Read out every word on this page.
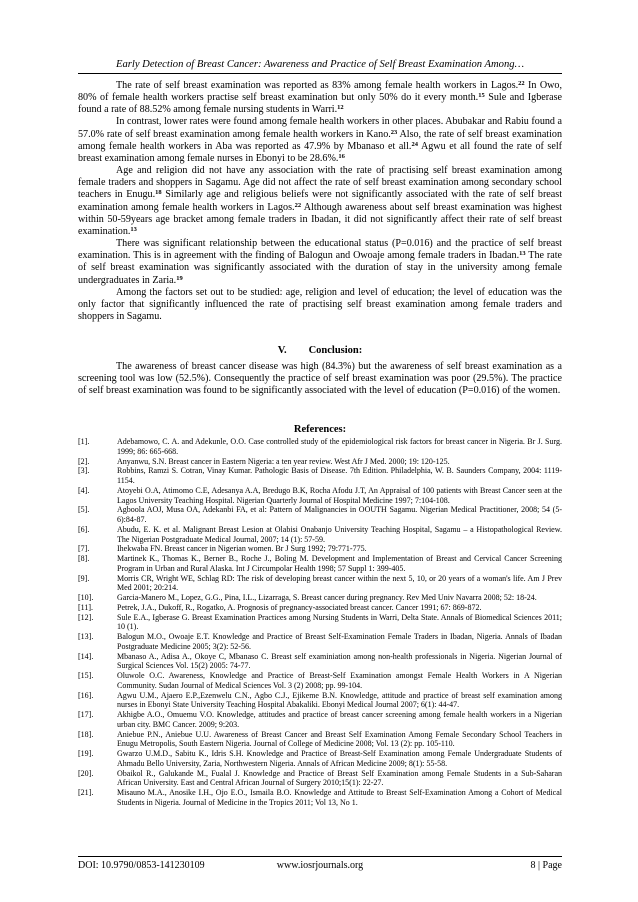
Early Detection of Breast Cancer: Awareness and Practice of Self Breast Examination Among…

The rate of self breast examination was reported as 83% among female health workers in Lagos.$^{22}$ In Owo, 80% of female health workers practise self breast examination but only 50% do it every month.$^{15}$ Sule and Igberase found a rate of 88.52% among female nursing students in Warri.$^{12}$

In contrast, lower rates were found among female health workers in other places. Abubakar and Rabiu found a 57.0% rate of self breast examination among female health workers in Kano.$^{23}$ Also, the rate of self breast examination among female health workers in Aba was reported as 47.9% by Mbanaso et all.$^{24}$ Agwu et all found the rate of self breast examination among female nurses in Ebonyi to be 28.6%.$^{16}$

Age and religion did not have any association with the rate of practising self breast examination among female traders and shoppers in Sagamu. Age did not affect the rate of self breast examination among secondary school teachers in Enugu.$^{18}$ Similarly age and religious beliefs were not significantly associated with the rate of self breast examination among female health workers in Lagos.$^{22}$ Although awareness about self breast examination was highest within 50-59years age bracket among female traders in Ibadan, it did not significantly affect their rate of self breast examination.$^{13}$

There was significant relationship between the educational status (P=0.016) and the practice of self breast examination. This is in agreement with the finding of Balogun and Owoaje among female traders in Ibadan.$^{13}$ The rate of self breast examination was significantly associated with the duration of stay in the university among female undergraduates in Zaria.$^{19}$

Among the factors set out to be studied: age, religion and level of education; the level of education was the only factor that significantly influenced the rate of practising self breast examination among female traders and shoppers in Sagamu.

V. Conclusion:

The awareness of breast cancer disease was high (84.3%) but the awareness of self breast examination as a screening tool was low (52.5%). Consequently the practice of self breast examination was poor (29.5%). The practice of self breast examination was found to be significantly associated with the level of education (P=0.016) of the women.

References:
[1].	Adebamowo, C. A. and Adekunle, O.O. Case controlled study of the epidemiological risk factors for breast cancer in Nigeria. Br J. Surg. 1999; 86: 665-668.
[2].	Anyanwu, S.N. Breast cancer in Eastern Nigeria: a ten year review. West Afr J Med. 2000; 19: 120-125.
[3].	Robbins, Ramzi S. Cotran, Vinay Kumar. Pathologic Basis of Disease. 7th Edition. Philadelphia, W. B. Saunders Company, 2004: 1119-1154.
[4].	Atoyebi O.A, Atimomo C.E, Adesanya A.A, Bredugo B.K, Rocha Afodu J.T, An Appraisal of 100 patients with Breast Cancer seen at the Lagos University Teaching Hospital. Nigerian Quarterly Journal of Hospital Medicine 1997; 7:104-108.
[5].	Agboola AOJ, Musa OA, Adekanbi FA, et al: Pattern of Malignancies in OOUTH Sagamu. Nigerian Medical Practitioner, 2008; 54 (5-6):84-87.
[6].	Abudu, E. K. et al. Malignant Breast Lesion at Olabisi Onabanjo University Teaching Hospital, Sagamu – a Histopathological Review. The Nigerian Postgraduate Medical Journal, 2007; 14 (1): 57-59.
[7].	Ihekwaba FN. Breast cancer in Nigerian women. Br J Surg 1992; 79:771-775.
[8].	Martinek K., Thomas K., Berner B., Roche J., Boling M. Development and Implementation of Breast and Cervical Cancer Screening Program in Urban and Rural Alaska. Int J Circumpolar Health 1998; 57 Suppl 1: 399-405.
[9].	Morris CR, Wright WE, Schlag RD: The risk of developing breast cancer within the next 5, 10, or 20 years of a woman's life. Am J Prev Med 2001; 20:214.
[10].	Garcia-Manero M., Lopez, G.G., Pina, I.L., Lizarraga, S. Breast cancer during pregnancy. Rev Med Univ Navarra 2008; 52: 18-24.
[11].	Petrek, J.A., Dukoff, R., Rogatko, A. Prognosis of pregnancy-associated breast cancer. Cancer 1991; 67: 869-872.
[12].	Sule E.A., Igberase G. Breast Examination Practices among Nursing Students in Warri, Delta State. Annals of Biomedical Sciences 2011; 10 (1).
[13].	Balogun M.O., Owoaje E.T. Knowledge and Practice of Breast Self-Examination Female Traders in Ibadan, Nigeria. Annals of Ibadan Postgraduate Medicine 2005; 3(2): 52-56.
[14].	Mbanaso A., Adisa A., Okoye C, Mbanaso C. Breast self examiniation among non-health professionals in Nigeria. Nigerian Journal of Surgical Sciences Vol. 15(2) 2005: 74-77.
[15].	Oluwole O.C. Awareness, Knowledge and Practice of Breast-Self Examination amongst Female Health Workers in A Nigerian Community. Sudan Journal of Medical Sciences Vol. 3 (2) 2008; pp. 99-104.
[16].	Agwu U.M., Ajaero E.P.,Ezenwelu C.N., Agbo C.J., Ejikeme B.N. Knowledge, attitude and practice of breast self examination among nurses in Ebonyi State University Teaching Hospital Abakaliki. Ebonyi Medical Journal 2007; 6(1): 44-47.
[17].	Akhigbe A.O., Omuemu V.O. Knowledge, attitudes and practice of breast cancer screening among female health workers in a Nigerian urban city. BMC Cancer. 2009; 9:203.
[18].	Aniebue P.N., Aniebue U.U. Awareness of Breast Cancer and Breast Self Examination Among Female Secondary School Teachers in Enugu Metropolis, South Eastern Nigeria. Journal of College of Medicine 2008; Vol. 13 (2): pp. 105-110.
[19].	Gwarzo U.M.D., Sabitu K., Idris S.H. Knowledge and Practice of Breast-Self Examination among Female Undergraduate Students of Ahmadu Bello University, Zaria, Northwestern Nigeria. Annals of African Medicine 2009; 8(1): 55-58.
[20].	Obaikol R., Galukande M., Fualal J. Knowledge and Practice of Breast Self Examination among Female Students in a Sub-Saharan African University. East and Central African Journal of Surgery 2010;15(1): 22-27.
[21].	Misauno M.A., Anosike I.H., Ojo E.O., Ismaila B.O. Knowledge and Attitude to Breast Self-Examination Among a Cohort of Medical Students in Nigeria. Journal of Medicine in the Tropics 2011; Vol 13, No 1.
DOI: 10.9790/0853-141230109	www.iosrjournals.org	8 | Page
